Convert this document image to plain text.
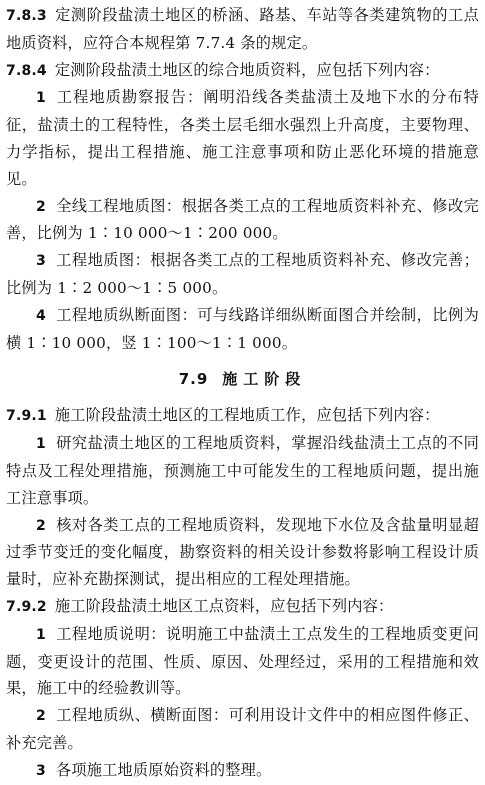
7.8.3 定测阶段盐渍土地区的桥涵、路基、车站等各类建筑物的工点地质资料，应符合本规程第 7.7.4 条的规定。

7.8.4 定测阶段盐渍土地区的综合地质资料，应包括下列内容：

1 工程地质勘察报告：阐明沿线各类盐渍土及地下水的分布特征，盐渍土的工程特性，各类土层毛细水强烈上升高度，主要物理、力学指标，提出工程措施、施工注意事项和防止恶化环境的措施意见。

2 全线工程地质图：根据各类工点的工程地质资料补充、修改完善，比例为 1∶10 000～1∶200 000。

3 工程地质图：根据各类工点的工程地质资料补充、修改完善；比例为 1∶2 000～1∶5 000。

4 工程地质纵断面图：可与线路详细纵断面图合并绘制，比例为横 1∶10 000，竖 1∶100～1∶1 000。

7.9 施工阶段

7.9.1 施工阶段盐渍土地区的工程地质工作，应包括下列内容：

1 研究盐渍土地区的工程地质资料，掌握沿线盐渍土工点的不同特点及工程处理措施，预测施工中可能发生的工程地质问题，提出施工注意事项。

2 核对各类工点的工程地质资料，发现地下水位及含盐量明显超过季节变迁的变化幅度，勘察资料的相关设计参数将影响工程设计质量时，应补充勘探测试，提出相应的工程处理措施。

7.9.2 施工阶段盐渍土地区工点资料，应包括下列内容：

1 工程地质说明：说明施工中盐渍土工点发生的工程地质变更问题，变更设计的范围、性质、原因、处理经过，采用的工程措施和效果，施工中的经验教训等。

2 工程地质纵、横断面图：可利用设计文件中的相应图件修正、补充完善。

3 各项施工地质原始资料的整理。
